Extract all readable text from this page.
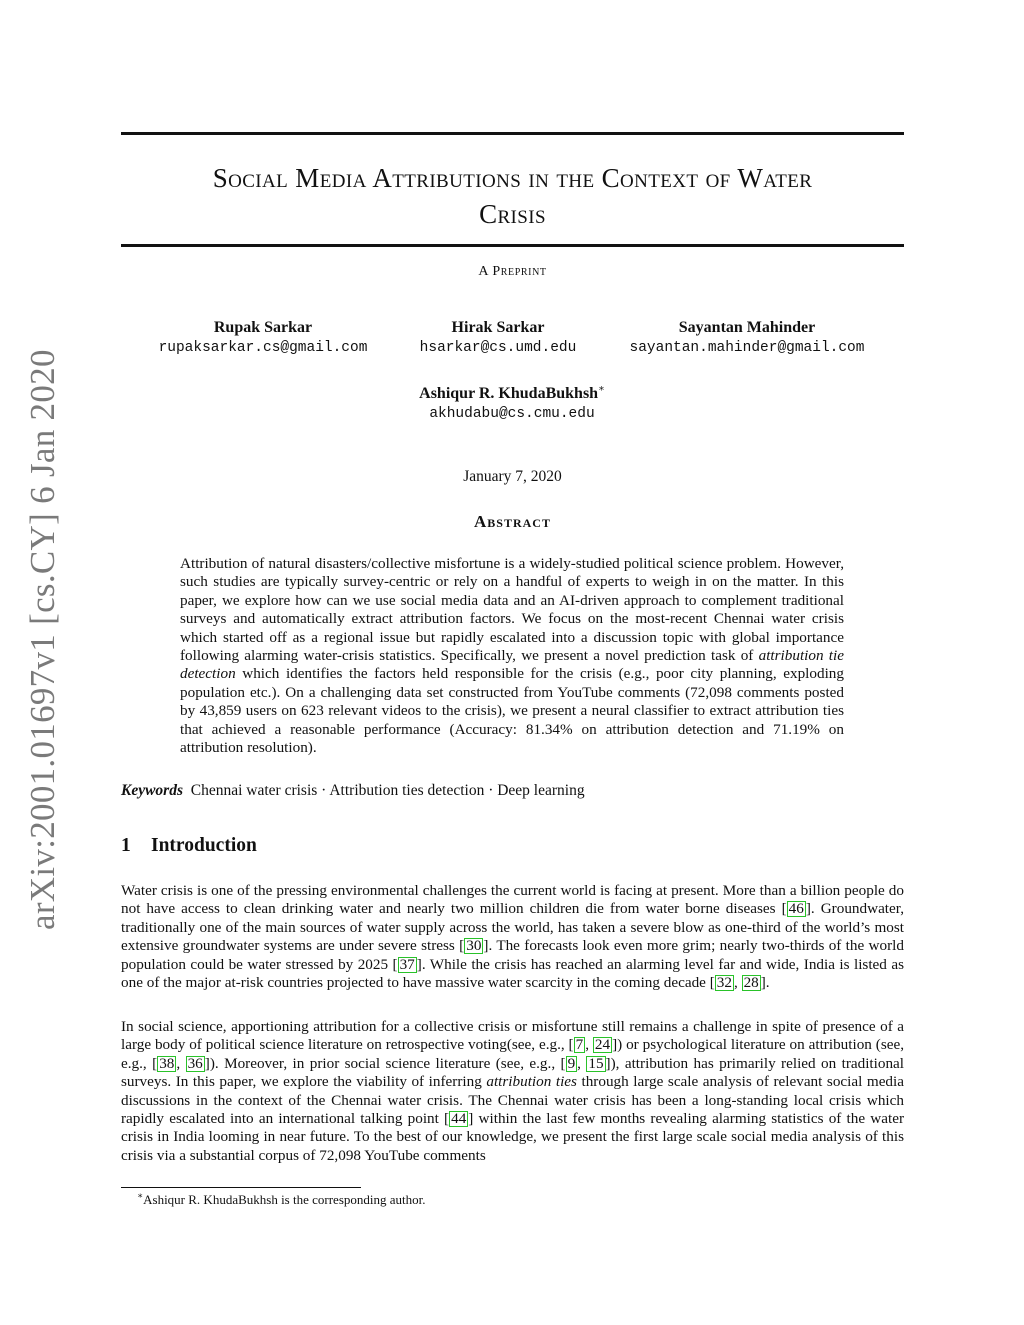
arXiv:2001.01697v1 [cs.CY] 6 Jan 2020
Social Media Attributions in the Context of Water
Crisis
A Preprint
Rupak Sarkar
rupaksarkar.cs@gmail.com
Hirak Sarkar
hsarkar@cs.umd.edu
Sayantan Mahinder
sayantan.mahinder@gmail.com
Ashiqur R. KhudaBukhsh∗
akhudabu@cs.cmu.edu
January 7, 2020
Abstract
Attribution of natural disasters/collective misfortune is a widely-studied political science problem. However, such studies are typically survey-centric or rely on a handful of experts to weigh in on the matter. In this paper, we explore how can we use social media data and an AI-driven approach to complement traditional surveys and automatically extract attribution factors. We focus on the most-recent Chennai water crisis which started off as a regional issue but rapidly escalated into a discussion topic with global importance following alarming water-crisis statistics. Specifically, we present a novel prediction task of attribution tie detection which identifies the factors held responsible for the crisis (e.g., poor city planning, exploding population etc.). On a challenging data set constructed from YouTube comments (72,098 comments posted by 43,859 users on 623 relevant videos to the crisis), we present a neural classifier to extract attribution ties that achieved a reasonable performance (Accuracy: 81.34% on attribution detection and 71.19% on attribution resolution).
Keywords Chennai water crisis · Attribution ties detection · Deep learning
1 Introduction
Water crisis is one of the pressing environmental challenges the current world is facing at present. More than a billion people do not have access to clean drinking water and nearly two million children die from water borne diseases [ 46 ]. Groundwater, traditionally one of the main sources of water supply across the world, has taken a severe blow as one-third of the world’s most extensive groundwater systems are under severe stress [ 30 ]. The forecasts look even more grim; nearly two-thirds of the world population could be water stressed by 2025 [ 37 ]. While the crisis has reached an alarming level far and wide, India is listed as one of the major at-risk countries projected to have massive water scarcity in the coming decade [ 32 , 28 ].
In social science, apportioning attribution for a collective crisis or misfortune still remains a challenge in spite of presence of a large body of political science literature on retrospective voting(see, e.g., [ 7 , 24 ]) or psychological literature on attribution (see, e.g., [ 38 , 36 ]). Moreover, in prior social science literature (see, e.g., [ 9 , 15 ]), attribution has primarily relied on traditional surveys. In this paper, we explore the viability of inferring attribution ties through large scale analysis of relevant social media discussions in the context of the Chennai water crisis. The Chennai water crisis has been a long-standing local crisis which rapidly escalated into an international talking point [ 44 ] within the last few months revealing alarming statistics of the water crisis in India looming in near future. To the best of our knowledge, we present the first large scale social media analysis of this crisis via a substantial corpus of 72,098 YouTube comments
∗Ashiqur R. KhudaBukhsh is the corresponding author.
